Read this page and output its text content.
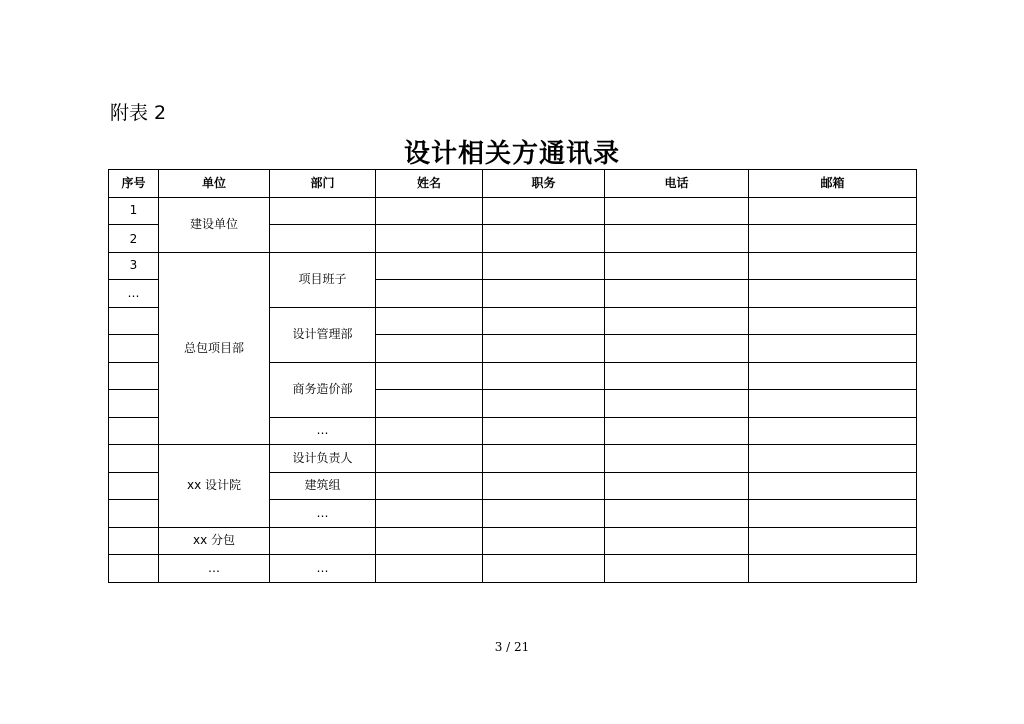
附表 2
设计相关方通讯录
序号	单位	部门	姓名	职务	电话	邮箱
1	建设单位					
2						
3	总包项目部	项目班子				
…						
		设计管理部				

		商务造价部				

		…				
	xx 设计院	设计负责人				
		建筑组				
		…				
	xx 分包					
	…	…				
3 / 21
